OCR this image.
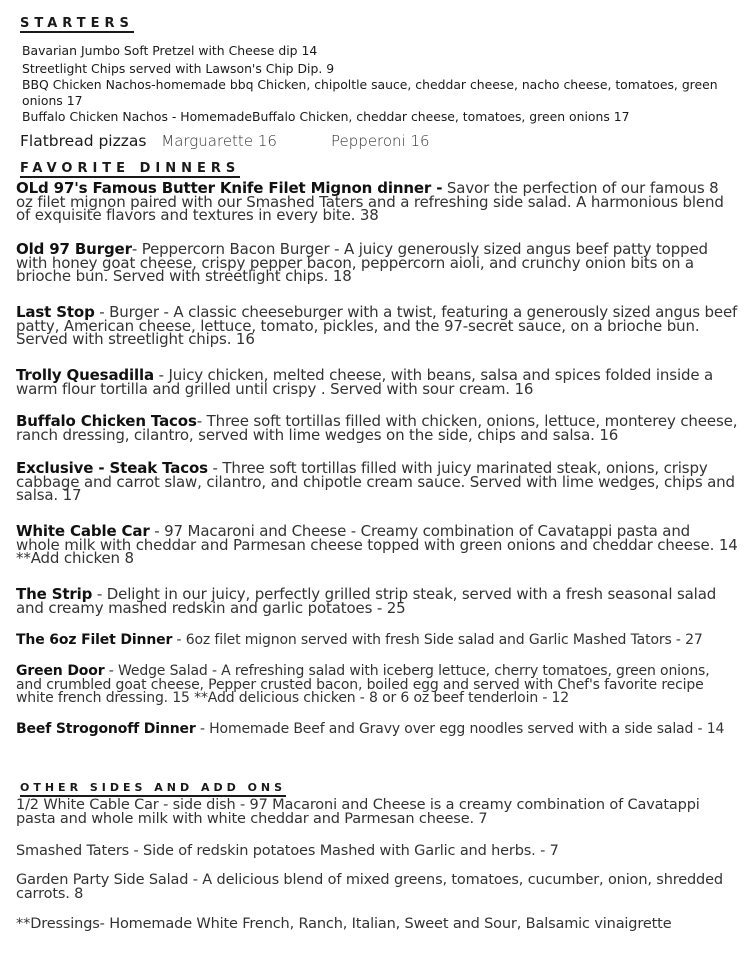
STARTERS
Bavarian Jumbo Soft Pretzel with Cheese dip 14
Streetlight Chips served with Lawson's Chip Dip. 9
BBQ Chicken Nachos-homemade bbq Chicken, chipoltle sauce, cheddar cheese, nacho cheese, tomatoes, green onions 17
Buffalo Chicken Nachos - HomemadeBuffalo Chicken, cheddar cheese, tomatoes, green onions 17
Flatbread pizzas Marguarette 16	Pepperoni 16
FAVORITE DINNERS
OLd 97's Famous Butter Knife Filet Mignon dinner - Savor the perfection of our famous 8 oz filet mignon paired with our Smashed Taters and a refreshing side salad. A harmonious blend of exquisite flavors and textures in every bite. 38
Old 97 Burger- Peppercorn Bacon Burger - A juicy generously sized angus beef patty topped with honey goat cheese, crispy pepper bacon, peppercorn aioli, and crunchy onion bits on a brioche bun. Served with streetlight chips. 18
Last Stop - Burger - A classic cheeseburger with a twist, featuring a generously sized angus beef patty, American cheese, lettuce, tomato, pickles, and the 97-secret sauce, on a brioche bun. Served with streetlight chips. 16
Trolly Quesadilla - Juicy chicken, melted cheese, with beans, salsa and spices folded inside a warm flour tortilla and grilled until crispy . Served with sour cream. 16
Buffalo Chicken Tacos- Three soft tortillas filled with chicken, onions, lettuce, monterey cheese, ranch dressing, cilantro, served with lime wedges on the side, chips and salsa. 16
Exclusive - Steak Tacos - Three soft tortillas filled with juicy marinated steak, onions, crispy cabbage and carrot slaw, cilantro, and chipotle cream sauce. Served with lime wedges, chips and salsa. 17
White Cable Car - 97 Macaroni and Cheese - Creamy combination of Cavatappi pasta and whole milk with cheddar and Parmesan cheese topped with green onions and cheddar cheese. 14
**Add chicken 8
The Strip - Delight in our juicy, perfectly grilled strip steak, served with a fresh seasonal salad and creamy mashed redskin and garlic potatoes - 25
The 6oz Filet Dinner - 6oz filet mignon served with fresh Side salad and Garlic Mashed Tators - 27
Green Door - Wedge Salad - A refreshing salad with iceberg lettuce, cherry tomatoes, green onions, and crumbled goat cheese, Pepper crusted bacon, boiled egg and served with Chef's favorite recipe white french dressing. 15 **Add delicious chicken - 8 or 6 oz beef tenderloin - 12
Beef Strogonoff Dinner - Homemade Beef and Gravy over egg noodles served with a side salad - 14
OTHER SIDES AND ADD ONS
1/2 White Cable Car - side dish - 97 Macaroni and Cheese is a creamy combination of Cavatappi pasta and whole milk with white cheddar and Parmesan cheese. 7
Smashed Taters - Side of redskin potatoes Mashed with Garlic and herbs. - 7
Garden Party Side Salad - A delicious blend of mixed greens, tomatoes, cucumber, onion, shredded carrots. 8
**Dressings- Homemade White French, Ranch, Italian, Sweet and Sour, Balsamic vinaigrette
